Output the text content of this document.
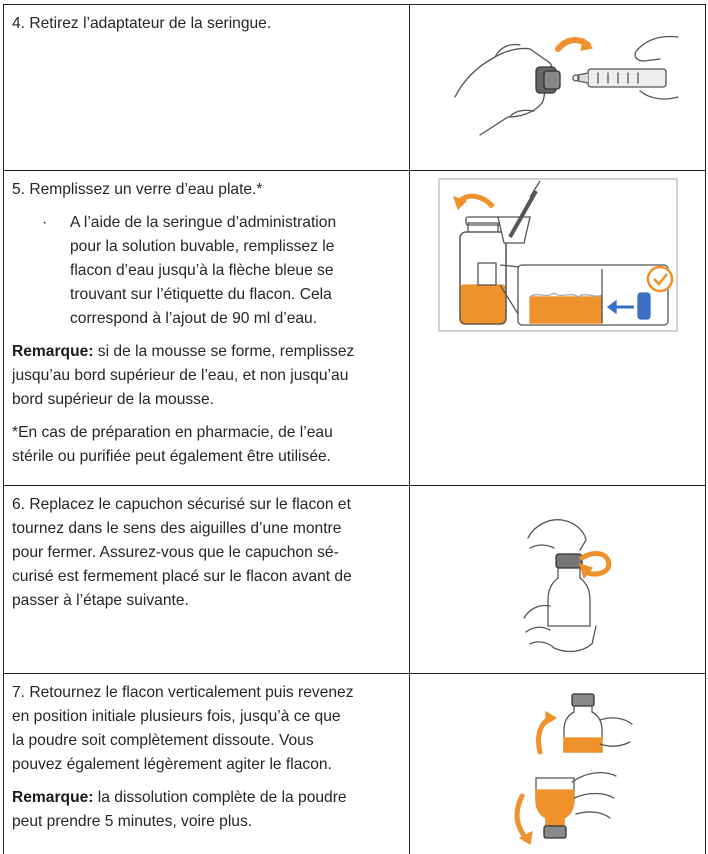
4. Retirez l’adaptateur de la seringue.

5. Remplissez un verre d’eau plate.*

· A l’aide de la seringue d’administration
pour la solution buvable, remplissez le
flacon d’eau jusqu’à la flèche bleue se
trouvant sur l’étiquette du flacon. Cela
correspond à l’ajout de 90 ml d’eau.

Remarque: si de la mousse se forme, remplissez
jusqu’au bord supérieur de l’eau, et non jusqu’au
bord supérieur de la mousse.

*En cas de préparation en pharmacie, de l’eau
stérile ou purifiée peut également être utilisée.

6. Replacez le capuchon sécurisé sur le flacon et
tournez dans le sens des aiguilles d’une montre
pour fermer. Assurez-vous que le capuchon sé-
curisé est fermement placé sur le flacon avant de
passer à l’étape suivante.

7. Retournez le flacon verticalement puis revenez
en position initiale plusieurs fois, jusqu’à ce que
la poudre soit complètement dissoute. Vous
pouvez également légèrement agiter le flacon.

Remarque: la dissolution complète de la poudre
peut prendre 5 minutes, voire plus.
